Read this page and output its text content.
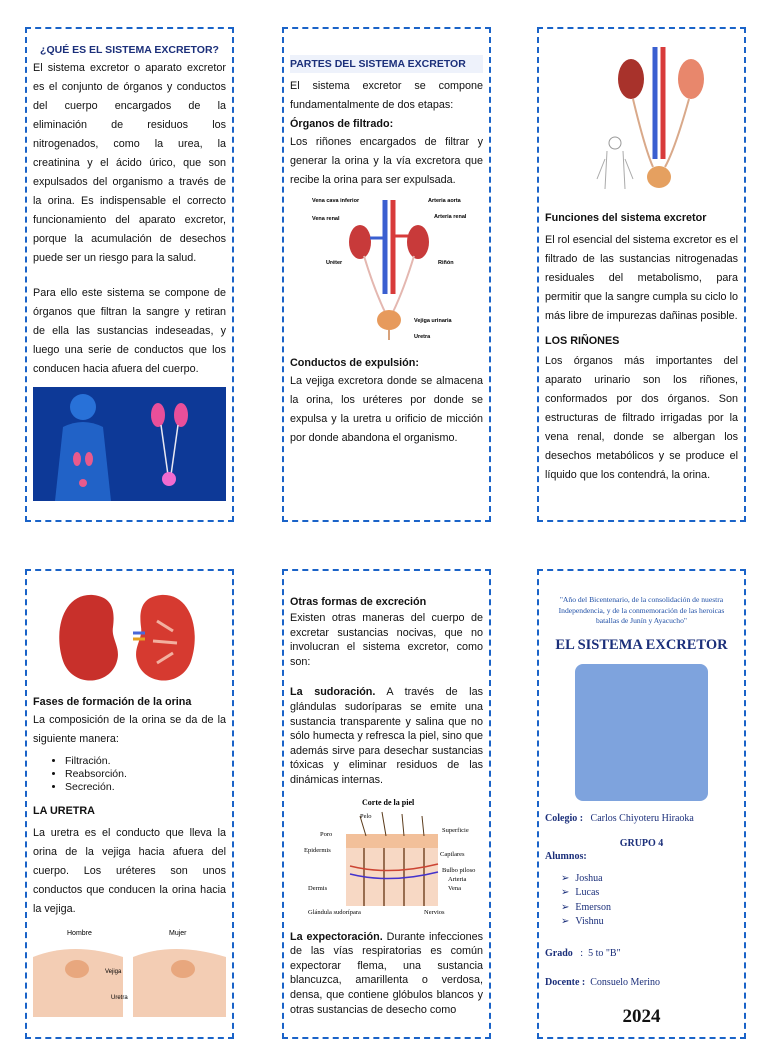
¿QUÉ ES EL SISTEMA EXCRETOR?

El sistema excretor o aparato excretor es el conjunto de órganos y conductos del cuerpo encargados de la eliminación de residuos los nitrogenados, como la urea, la creatinina y el ácido úrico, que son expulsados del organismo a través de la orina. Es indispensable el correcto funcionamiento del aparato excretor, porque la acumulación de desechos puede ser un riesgo para la salud.

Para ello este sistema se compone de órganos que filtran la sangre y retiran de ella las sustancias indeseadas, y luego una serie de conductos que los conducen hacia afuera del cuerpo.

PARTES DEL SISTEMA EXCRETOR

El sistema excretor se compone fundamentalmente de dos etapas:

Órganos de filtrado:

Los riñones encargados de filtrar y generar la orina y la vía excretora que recibe la orina para ser expulsada.

Vena cava inferior	Arteria aorta
Vena renal	Arteria renal
Uréter	Riñón
Vejiga urinaria
Uretra

Conductos de expulsión:

La vejiga excretora donde se almacena la orina, los uréteres por donde se expulsa y la uretra u orificio de micción por donde abandona el organismo.

Funciones del sistema excretor

El rol esencial del sistema excretor es el filtrado de las sustancias nitrogenadas residuales del metabolismo, para permitir que la sangre cumpla su ciclo lo más libre de impurezas dañinas posible.

LOS RIÑONES

Los órganos más importantes del aparato urinario son los riñones, conformados por dos órganos. Son estructuras de filtrado irrigadas por la vena renal, donde se albergan los desechos metabólicos y se produce el líquido que los contendrá, la orina.

Fases de formación de la orina

La composición de la orina se da de la siguiente manera:

• Filtración.
• Reabsorción.
• Secreción.

LA URETRA

La uretra es el conducto que lleva la orina de la vejiga hacia afuera del cuerpo. Los uréteres son unos conductos que conducen la orina hacia la vejiga.

Hombre	Mujer
Vejiga
Uretra

Otras formas de excreción

Existen otras maneras del cuerpo de excretar sustancias nocivas, que no involucran el sistema excretor, como son:

La sudoración. A través de las glándulas sudoríparas se emite una sustancia transparente y salina que no sólo humecta y refresca la piel, sino que además sirve para desechar sustancias tóxicas y eliminar residuos de las dinámicas internas.

Corte de la piel
Pelo
Poro
Superficie
Epidermis
Capilares
Bulbo piloso
Arteria
Vena
Dermis
Glándula sudorípara	Nervios

La expectoración. Durante infecciones de las vías respiratorias es común expectorar flema, una sustancia blancuzca, amarillenta o verdosa, densa, que contiene glóbulos blancos y otras sustancias de desecho como

"Año del Bicentenario, de la consolidación de nuestra Independencia, y de la conmemoración de las heroicas batallas de Junín y Ayacucho"

EL SISTEMA EXCRETOR

Colegio : Carlos Chiyoteru Hiraoka

GRUPO 4

Alumnos:

➢ Joshua
➢ Lucas
➢ Emerson
➢ Vishnu

Grado   :  5 to "B"

Docente : Consuelo Merino

2024
